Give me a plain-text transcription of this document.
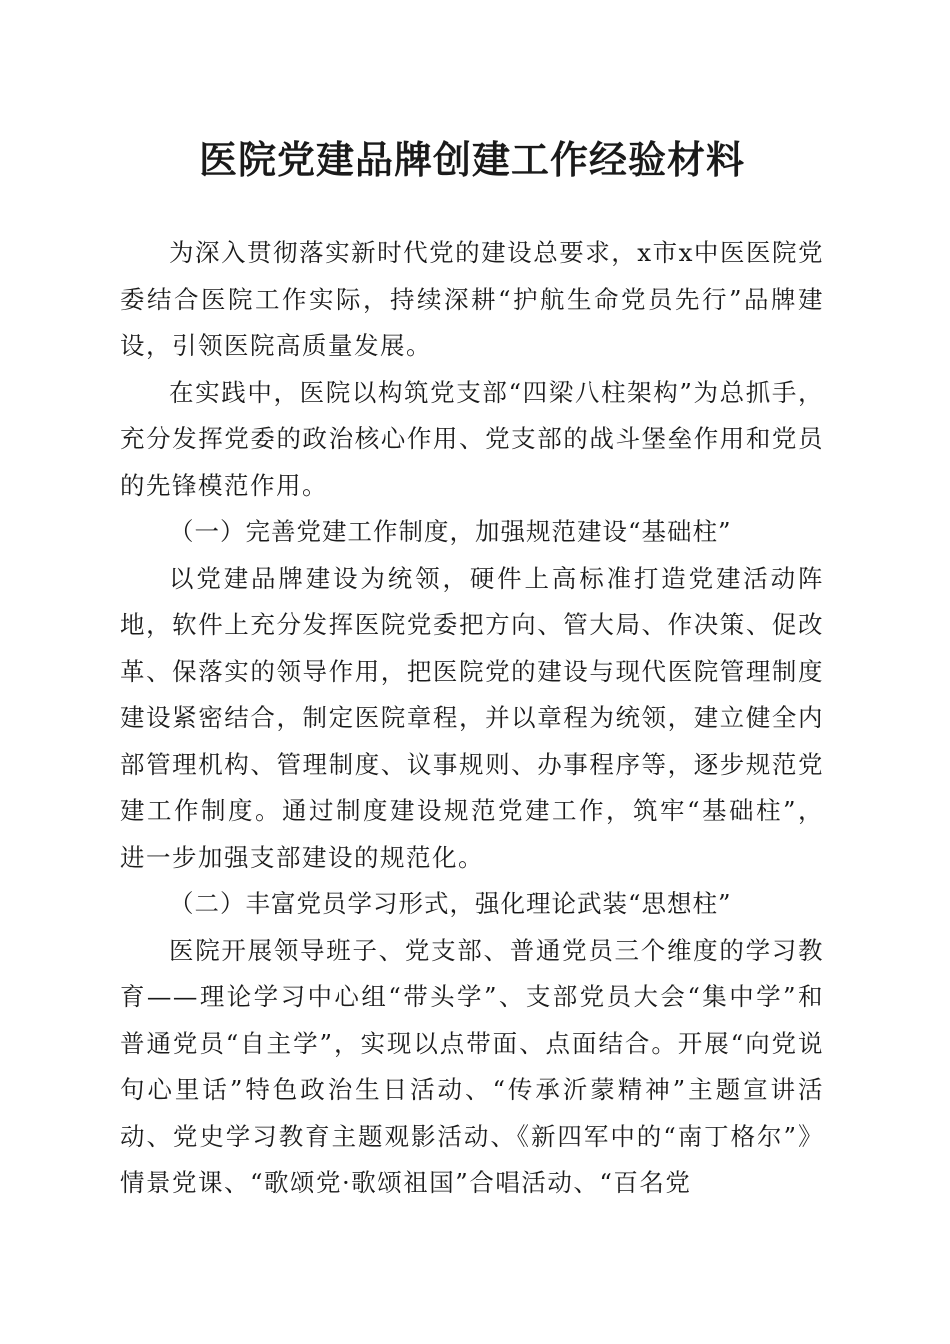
医院党建品牌创建工作经验材料

为深入贯彻落实新时代党的建设总要求，x市x中医医院党委结合医院工作实际，持续深耕“护航生命党员先行”品牌建设，引领医院高质量发展。

在实践中，医院以构筑党支部“四梁八柱架构”为总抓手，充分发挥党委的政治核心作用、党支部的战斗堡垒作用和党员的先锋模范作用。

（一）完善党建工作制度，加强规范建设“基础柱”

以党建品牌建设为统领，硬件上高标准打造党建活动阵地，软件上充分发挥医院党委把方向、管大局、作决策、促改革、保落实的领导作用，把医院党的建设与现代医院管理制度建设紧密结合，制定医院章程，并以章程为统领，建立健全内部管理机构、管理制度、议事规则、办事程序等，逐步规范党建工作制度。通过制度建设规范党建工作，筑牢“基础柱”，进一步加强支部建设的规范化。

（二）丰富党员学习形式，强化理论武装“思想柱”

医院开展领导班子、党支部、普通党员三个维度的学习教育——理论学习中心组“带头学”、支部党员大会“集中学”和普通党员“自主学”，实现以点带面、点面结合。开展“向党说句心里话”特色政治生日活动、“传承沂蒙精神”主题宣讲活动、党史学习教育主题观影活动、《新四军中的“南丁格尔”》情景党课、“歌颂党·歌颂祖国”合唱活动、“百名党
